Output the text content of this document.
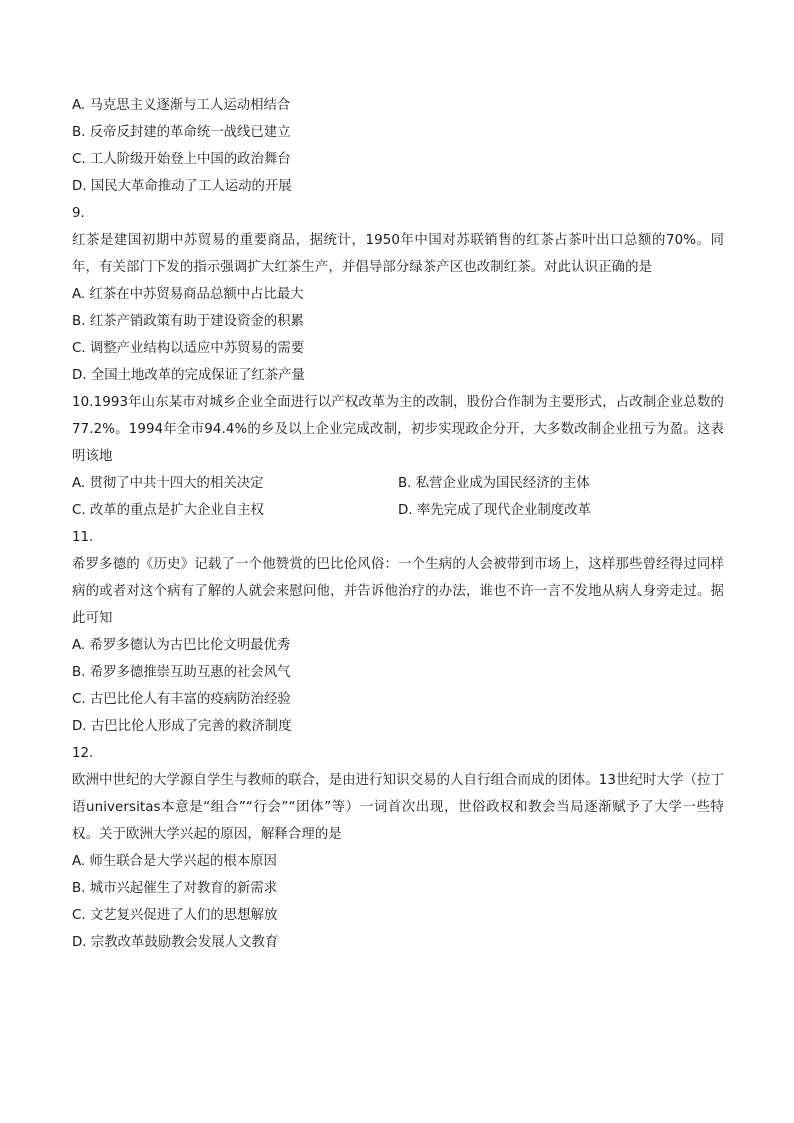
A. 马克思主义逐渐与工人运动相结合
B. 反帝反封建的革命统一战线已建立
C. 工人阶级开始登上中国的政治舞台
D. 国民大革命推动了工人运动的开展
9.
红茶是建国初期中苏贸易的重要商品，据统计，1950年中国对苏联销售的红茶占茶叶出口总额的70%。同年，有关部门下发的指示强调扩大红茶生产，并倡导部分绿茶产区也改制红茶。对此认识正确的是
A. 红茶在中苏贸易商品总额中占比最大
B. 红茶产销政策有助于建设资金的积累
C. 调整产业结构以适应中苏贸易的需要
D. 全国土地改革的完成保证了红茶产量
10.1993年山东某市对城乡企业全面进行以产权改革为主的改制，股份合作制为主要形式，占改制企业总数的77.2%。1994年全市94.4%的乡及以上企业完成改制，初步实现政企分开，大多数改制企业扭亏为盈。这表明该地
A. 贯彻了中共十四大的相关决定	B. 私营企业成为国民经济的主体
C. 改革的重点是扩大企业自主权	D. 率先完成了现代企业制度改革
11.
希罗多德的《历史》记载了一个他赞赏的巴比伦风俗：一个生病的人会被带到市场上，这样那些曾经得过同样病的或者对这个病有了解的人就会来慰问他，并告诉他治疗的办法，谁也不许一言不发地从病人身旁走过。据此可知
A. 希罗多德认为古巴比伦文明最优秀
B. 希罗多德推崇互助互惠的社会风气
C. 古巴比伦人有丰富的疫病防治经验
D. 古巴比伦人形成了完善的救济制度
12.
欧洲中世纪的大学源自学生与教师的联合，是由进行知识交易的人自行组合而成的团体。13世纪时大学（拉丁语universitas本意是“组合”“行会”“团体”等）一词首次出现，世俗政权和教会当局逐渐赋予了大学一些特权。关于欧洲大学兴起的原因，解释合理的是
A. 师生联合是大学兴起的根本原因
B. 城市兴起催生了对教育的新需求
C. 文艺复兴促进了人们的思想解放
D. 宗教改革鼓励教会发展人文教育
